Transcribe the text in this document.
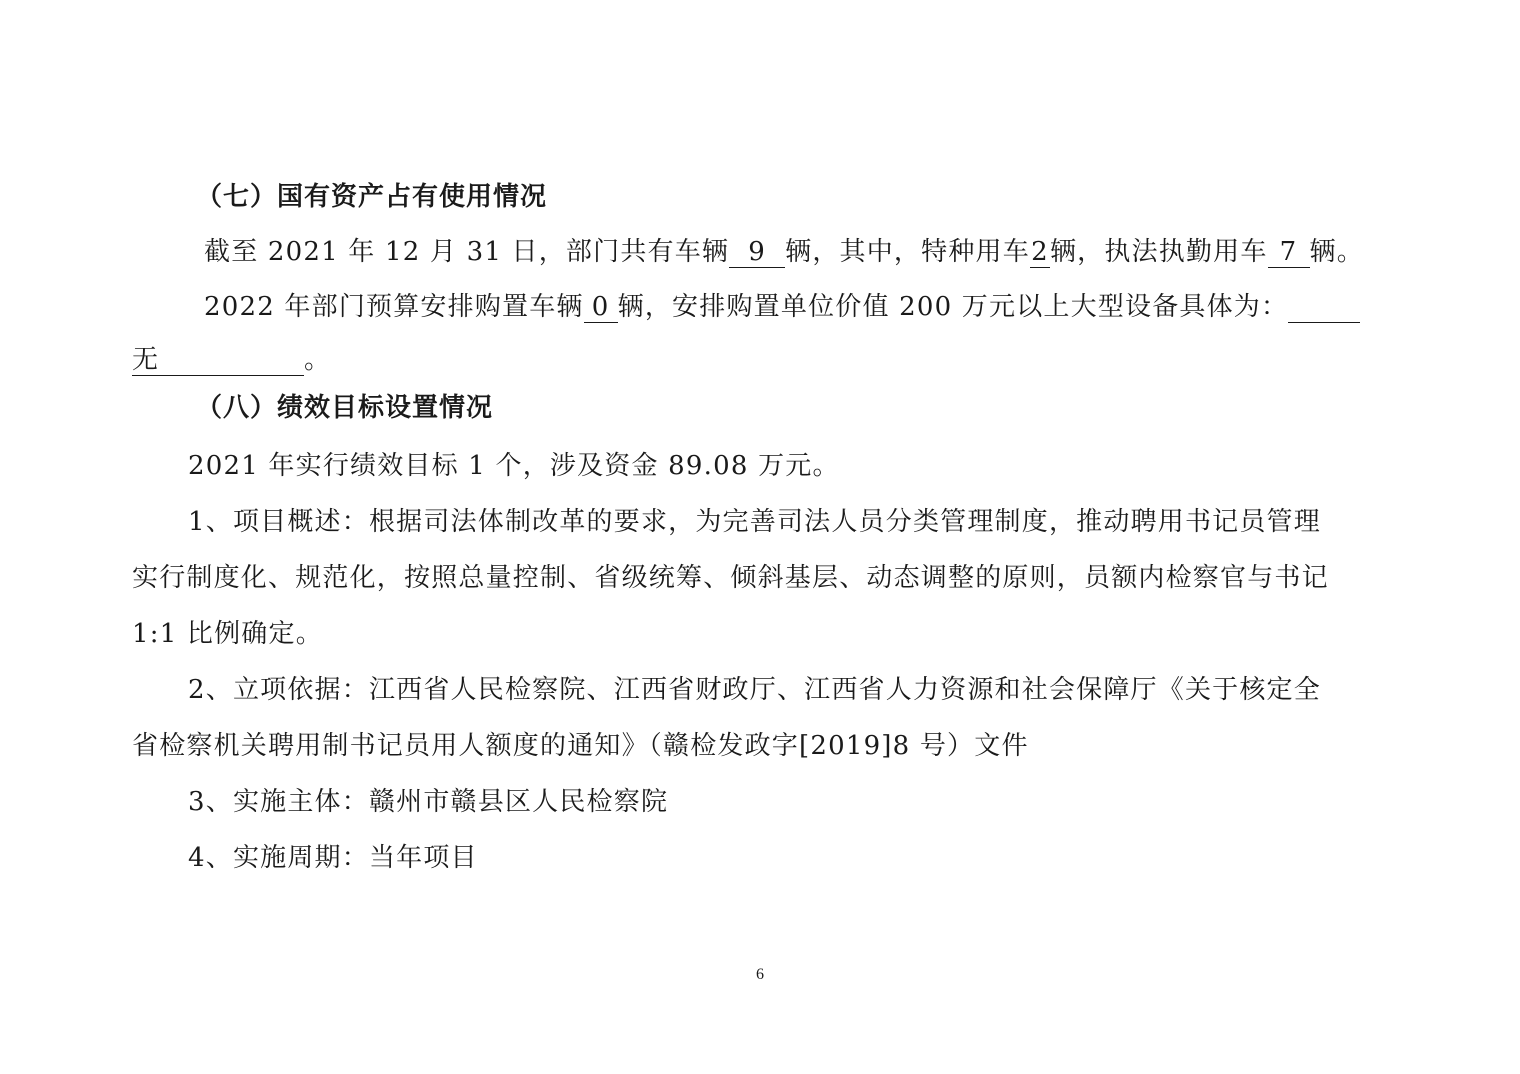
（七）国有资产占有使用情况
截至 2021 年 12 月 31 日，部门共有车辆 9 辆，其中，特种用车2辆，执法执勤用车 7 辆。
2022 年部门预算安排购置车辆 0 辆，安排购置单位价值 200 万元以上大型设备具体为：
无	。
（八）绩效目标设置情况
2021 年实行绩效目标 1 个，涉及资金 89.08 万元。
1、项目概述：根据司法体制改革的要求，为完善司法人员分类管理制度，推动聘用书记员管理
实行制度化、规范化，按照总量控制、省级统筹、倾斜基层、动态调整的原则，员额内检察官与书记
1:1 比例确定。
2、立项依据：江西省人民检察院、江西省财政厅、江西省人力资源和社会保障厅《关于核定全
省检察机关聘用制书记员用人额度的通知》（赣检发政字[2019]8 号）文件
3、实施主体：赣州市赣县区人民检察院
4、实施周期：当年项目
6
